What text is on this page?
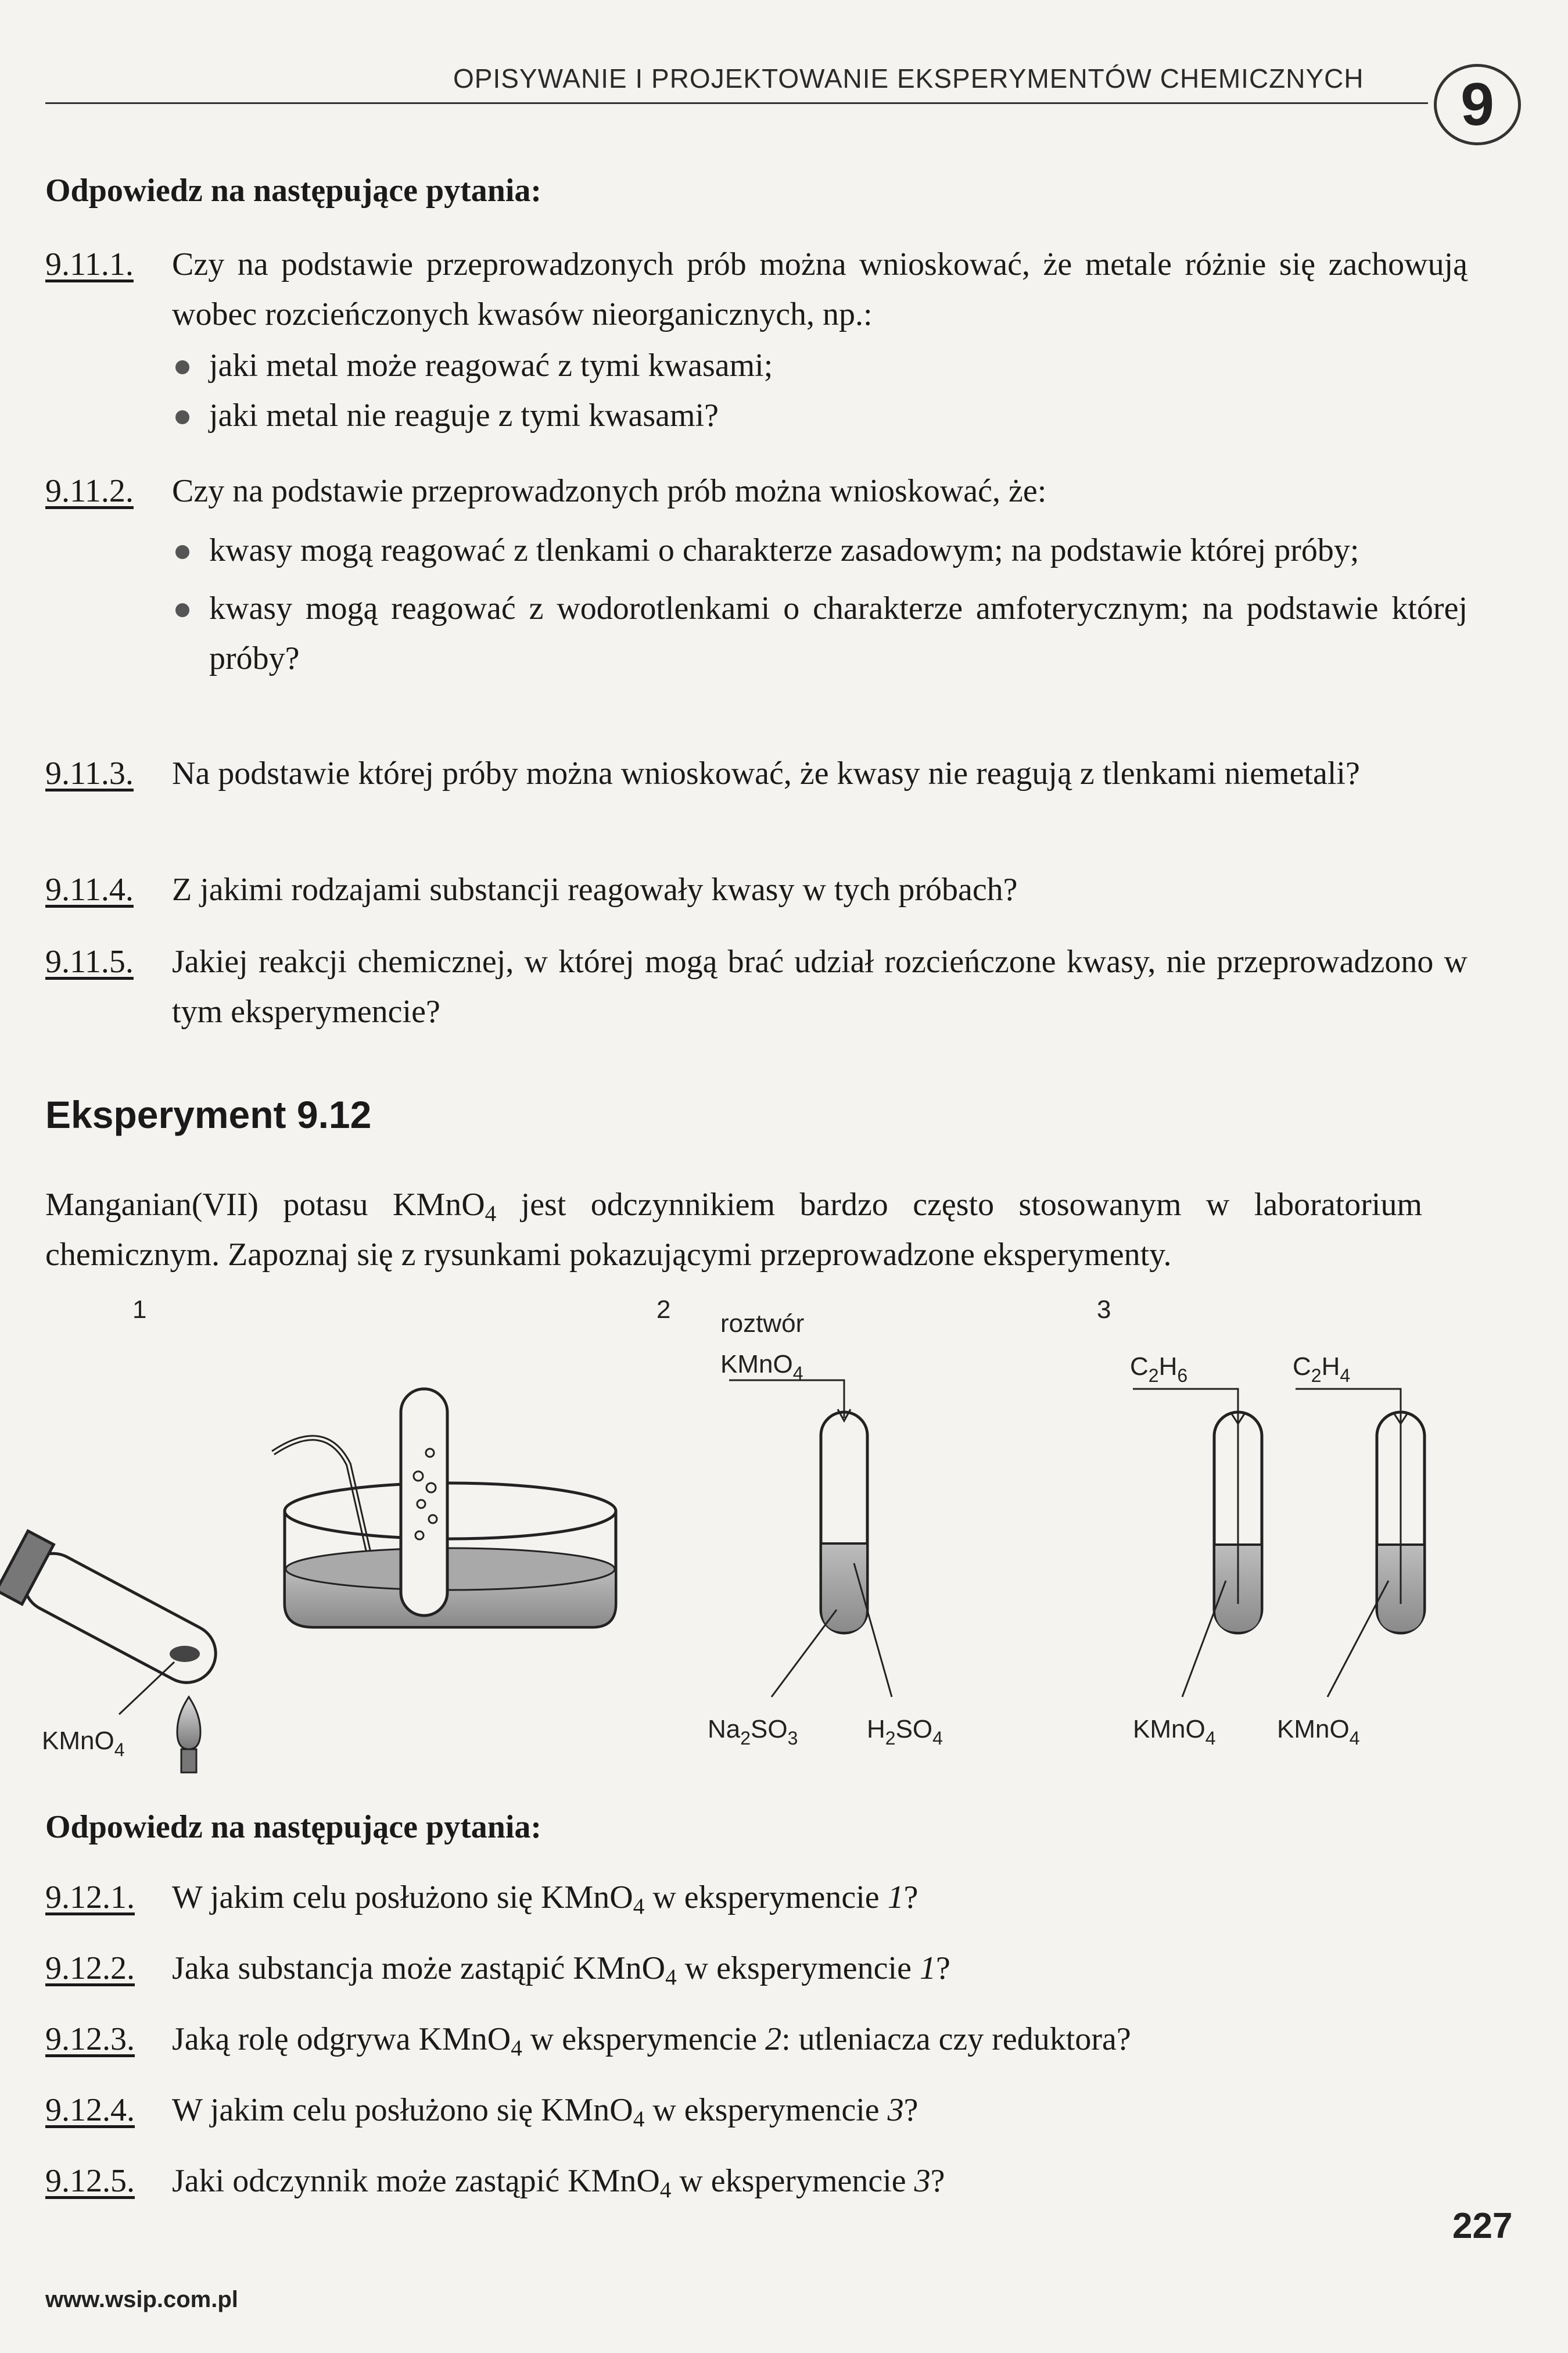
OPISYWANIE I PROJEKTOWANIE EKSPERYMENTÓW CHEMICZNYCH	9
Odpowiedz na następujące pytania:
9.11.1. Czy na podstawie przeprowadzonych prób można wnioskować, że metale różnie się zachowują wobec rozcieńczonych kwasów nieorganicznych, np.:
jaki metal może reagować z tymi kwasami;
jaki metal nie reaguje z tymi kwasami?
9.11.2. Czy na podstawie przeprowadzonych prób można wnioskować, że:
kwasy mogą reagować z tlenkami o charakterze zasadowym; na podstawie której próby;
kwasy mogą reagować z wodorotlenkami o charakterze amfoterycznym; na podstawie której próby?
9.11.3. Na podstawie której próby można wnioskować, że kwasy nie reagują z tlenkami niemetali?
9.11.4. Z jakimi rodzajami substancji reagowały kwasy w tych próbach?
9.11.5. Jakiej reakcji chemicznej, w której mogą brać udział rozcieńczone kwasy, nie przeprowadzono w tym eksperymencie?
Eksperyment 9.12
Manganian(VII) potasu KMnO$_4$ jest odczynnikiem bardzo często stosowanym w laboratorium chemicznym. Zapoznaj się z rysunkami pokazującymi przeprowadzone eksperymenty.
1
KMnO$_4$
2 roztwór
KMnO$_4$
$Na_2SO_3$	$H_2SO_4$
3
$C_2H_6$	$C_2H_4$
KMnO$_4$ KMnO$_4$
Odpowiedz na następujące pytania:
9.12.1. W jakim celu posłużono się KMnO$_4$ w eksperymencie 1?
9.12.2. Jaka substancja może zastąpić KMnO$_4$ w eksperymencie 1?
9.12.3. Jaką rolę odgrywa KMnO$_4$ w eksperymencie 2: utleniacza czy reduktora?
9.12.4. W jakim celu posłużono się KMnO$_4$ w eksperymencie 3?
9.12.5. Jaki odczynnik może zastąpić KMnO$_4$ w eksperymencie 3?
227
www.wsip.com.pl
